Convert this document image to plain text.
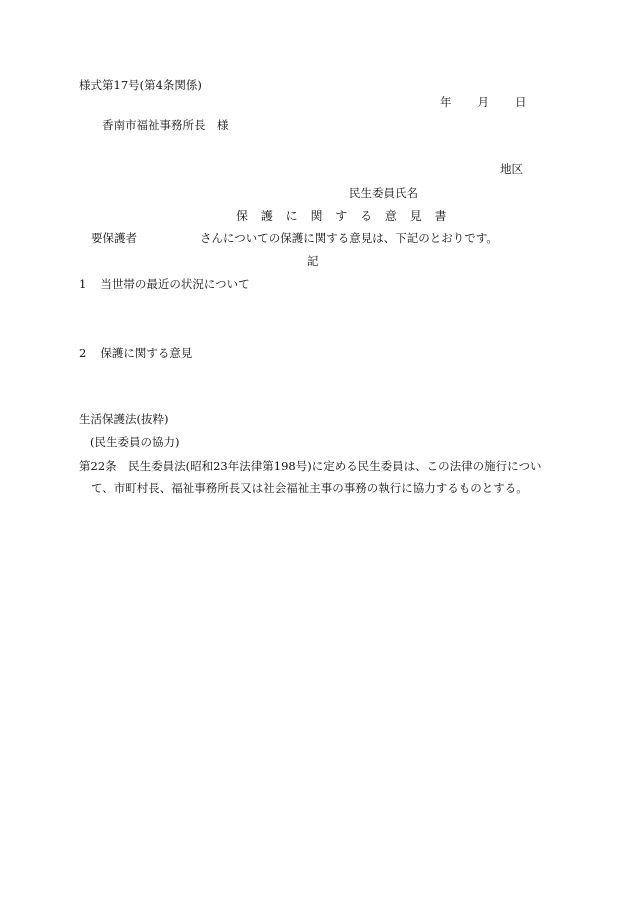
様式第17号(第4条関係)
年 月 日
香南市福祉事務所長　様
地区
民生委員氏名
保 護 に 関 す る 意 見 書
要保護者	さんについての保護に関する意見は、下記のとおりです。
記
1 当世帯の最近の状況について
2 保護に関する意見
生活保護法(抜粋)
(民生委員の協力)
第22条　民生委員法(昭和23年法律第198号)に定める民生委員は、この法律の施行につい
て、市町村長、福祉事務所長又は社会福祉主事の事務の執行に協力するものとする。
